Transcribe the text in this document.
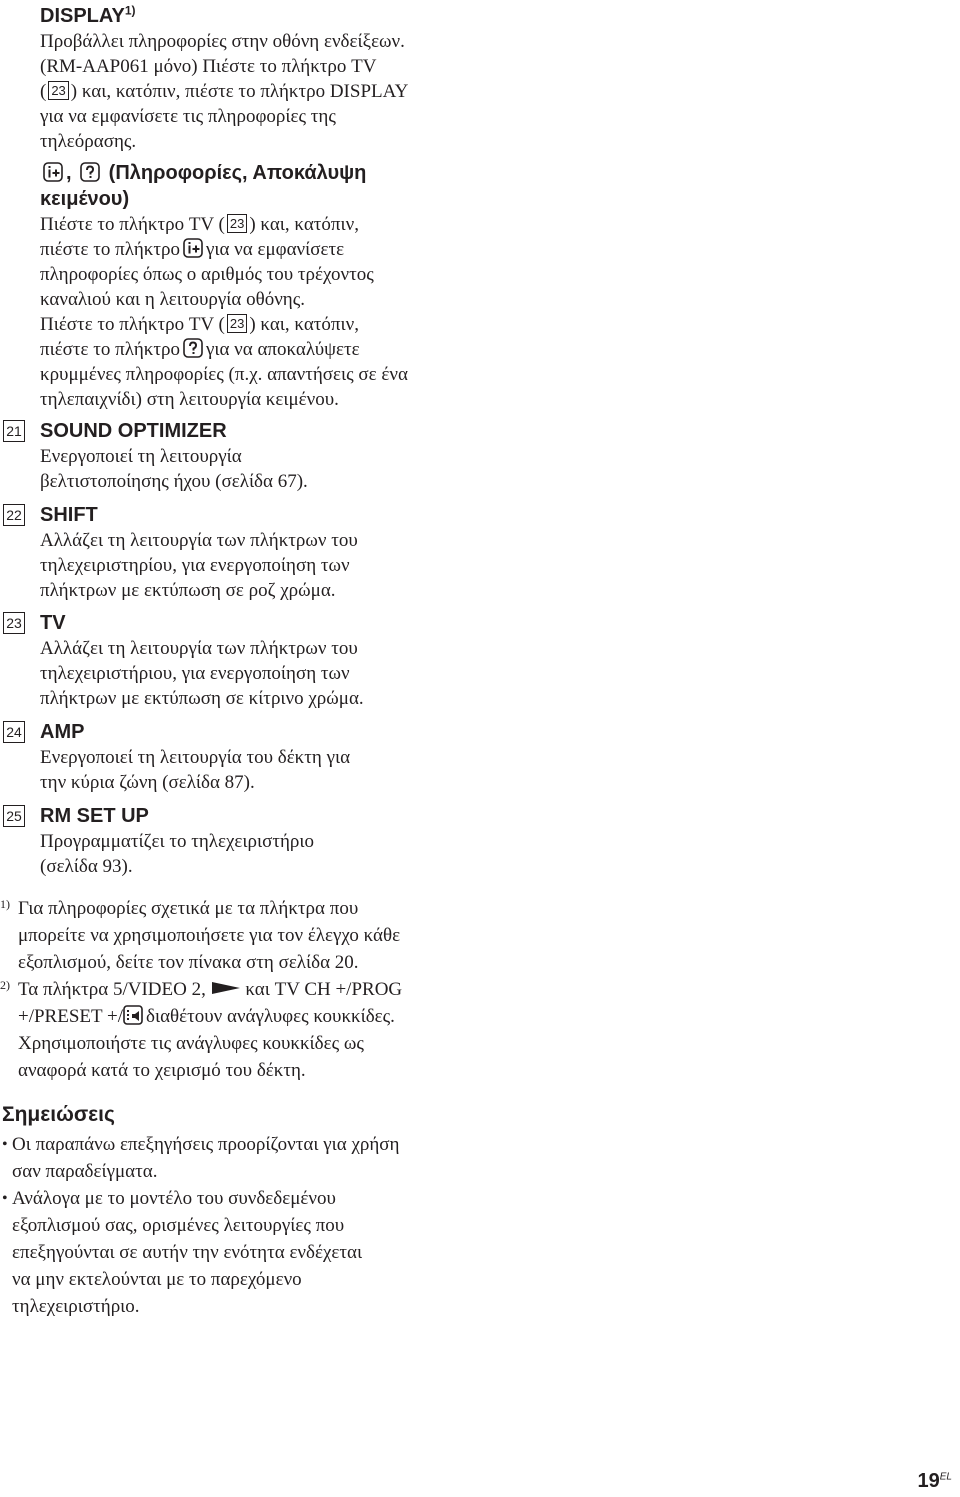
DISPLAY$^{1)}$
Προβάλλει πληροφορίες στην οθόνη ενδείξεων.
(RM-AAP061 μόνο) Πιέστε το πλήκτρο TV
( 23 ) και, κατόπιν, πιέστε το πλήκτρο DISPLAY
για να εμφανίσετε τις πληροφορίες της
τηλεόρασης.
,  (Πληροφορίες, Αποκάλυψη
κειμένου)
Πιέστε το πλήκτρο TV ( 23 ) και, κατόπιν,
πιέστε το πλήκτρο για να εμφανίσετε
πληροφορίες όπως ο αριθμός του τρέχοντος
καναλιού και η λειτουργία οθόνης.
Πιέστε το πλήκτρο TV ( 23 ) και, κατόπιν,
πιέστε το πλήκτρο για να αποκαλύψετε
κρυμμένες πληροφορίες (π.χ. απαντήσεις σε ένα
τηλεπαιχνίδι) στη λειτουργία κειμένου.
21 SOUND OPTIMIZER
Ενεργοποιεί τη λειτουργία
βελτιστοποίησης ήχου (σελίδα 67).
22 SHIFT
Αλλάζει τη λειτουργία των πλήκτρων του
τηλεχειριστηρίου, για ενεργοποίηση των
πλήκτρων με εκτύπωση σε ροζ χρώμα.
23 TV
Αλλάζει τη λειτουργία των πλήκτρων του
τηλεχειριστήριου, για ενεργοποίηση των
πλήκτρων με εκτύπωση σε κίτρινο χρώμα.
24 AMP
Ενεργοποιεί τη λειτουργία του δέκτη για
την κύρια ζώνη (σελίδα 87).
25 RM SET UP
Προγραμματίζει το τηλεχειριστήριο
(σελίδα 93).
1) Για πληροφορίες σχετικά με τα πλήκτρα που
μπορείτε να χρησιμοποιήσετε για τον έλεγχο κάθε
εξοπλισμού, δείτε τον πίνακα στη σελίδα 20.
2) Τα πλήκτρα 5/VIDEO 2, και TV CH +/PROG
+/PRESET +/ διαθέτουν ανάγλυφες κουκκίδες.
Χρησιμοποιήστε τις ανάγλυφες κουκκίδες ως
αναφορά κατά το χειρισμό του δέκτη.
Σημειώσεις
• Οι παραπάνω επεξηγήσεις προορίζονται για χρήση
σαν παραδείγματα.
• Ανάλογα με το μοντέλο του συνδεδεμένου
εξοπλισμού σας, ορισμένες λειτουργίες που
επεξηγούνται σε αυτήν την ενότητα ενδέχεται
να μην εκτελούνται με το παρεχόμενο
τηλεχειριστήριο.
$19^{EL}$
